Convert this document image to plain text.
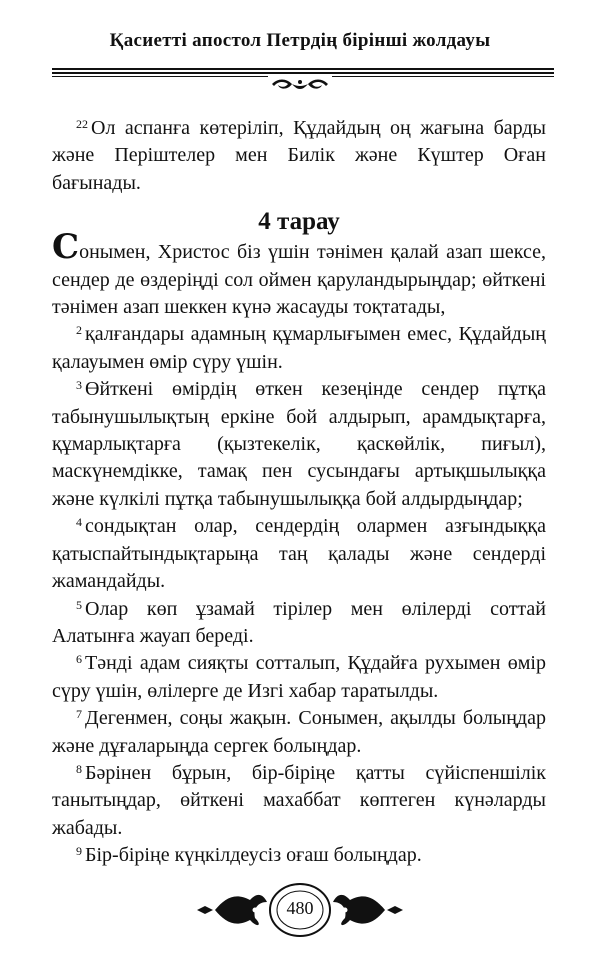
Қасиетті апостол Петрдің бірінші жолдауы

$^{22}$ Ол аспанға көтеріліп, Құдайдың оң жағына барды жəне Періштелер мен Билік жəне Күштер Оған бағынады.

4 тарау

Сонымен, Христос біз үшін тəнімен қалай азап шексе, сендер де өздеріңді сол оймен қаруландырыңдар; өйткені тəнімен азап шеккен күнə жасауды тоқтатады,

$^2$ қалғандары адамның құмарлығымен емес, Құдайдың қалауымен өмір сүру үшін.

$^3$ Өйткені өмірдің өткен кезеңінде сендер пұтқа табынушылықтың еркіне бой алдырып, арамдықтарға, құмарлықтарға (қызтекелік, қаскөйлік, пиғыл), маскүнемдікке, тамақ пен сусындағы артықшылыққа жəне күлкілі пұтқа табынушылыққа бой алдырдыңдар;

$^4$ сондықтан олар, сендердің олармен азғындыққа қатыспайтындықтарыңа таң қалады жəне сендерді жамандайды.

$^5$ Олар көп ұзамай тірілер мен өлілерді соттай Алатынға жауап береді.

$^6$ Тəнді адам сияқты сотталып, Құдайға рухымен өмір сүру үшін, өлілерге де Изгі хабар таратылды.

$^7$ Дегенмен, соңы жақын. Сонымен, ақылды болыңдар жəне дұғаларыңда сергек болыңдар.

$^8$ Бəрінен бұрын, бір-біріңе қатты сүйіспеншілік танытыңдар, өйткені махаббат көптеген күнəларды жабады.

$^9$ Бір-біріңе күңкілдеусіз оғаш болыңдар.

480
